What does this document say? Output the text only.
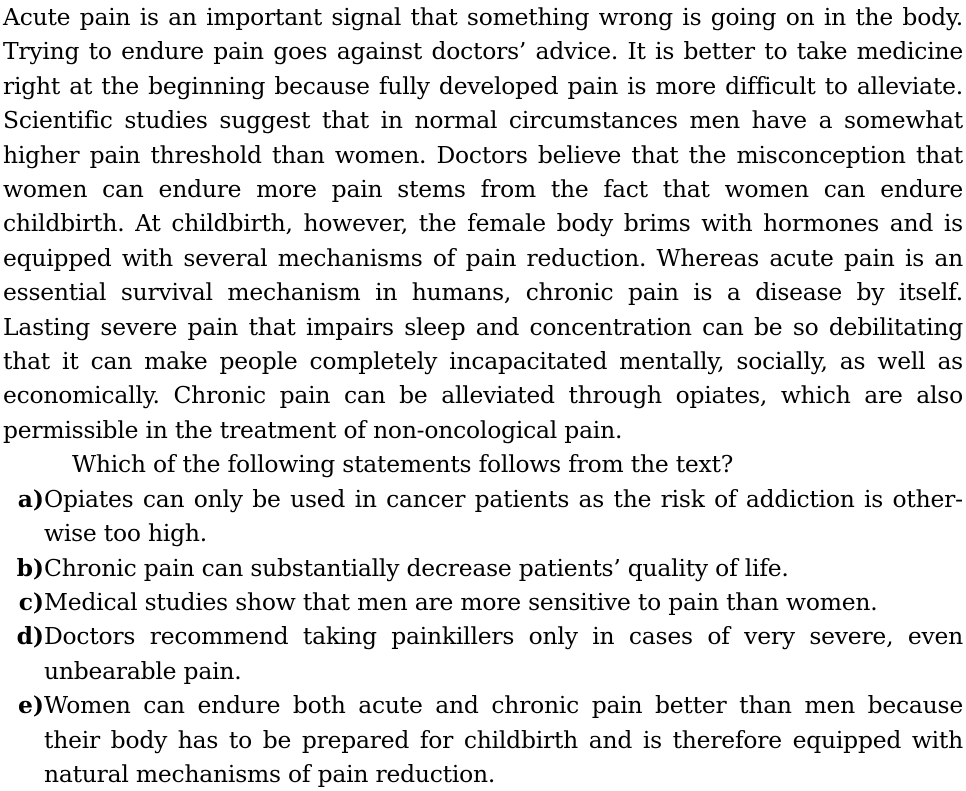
Acute pain is an important signal that something wrong is going on in the body. Trying to endure pain goes against doctors’ advice. It is better to take medicine right at the beginning because fully developed pain is more difficult to alleviate. Scientific studies suggest that in normal circumstances men have a somewhat higher pain threshold than women. Doctors believe that the misconception that women can endure more pain stems from the fact that women can endure childbirth. At childbirth, however, the female body brims with hormones and is equipped with several mechanisms of pain reduction. Whereas acute pain is an essential survival mechanism in humans, chronic pain is a disease by itself. Lasting severe pain that impairs sleep and concentration can be so debilitating that it can make people completely incapacitated mentally, socially, as well as economically. Chronic pain can be alleviated through opiates, which are also permissible in the treatment of non-oncological pain.

Which of the following statements follows from the text?

a) Opiates can only be used in cancer patients as the risk of addiction is otherwise too high.
b) Chronic pain can substantially decrease patients’ quality of life.
c) Medical studies show that men are more sensitive to pain than women.
d) Doctors recommend taking painkillers only in cases of very severe, even unbearable pain.
e) Women can endure both acute and chronic pain better than men because their body has to be prepared for childbirth and is therefore equipped with natural mechanisms of pain reduction.
